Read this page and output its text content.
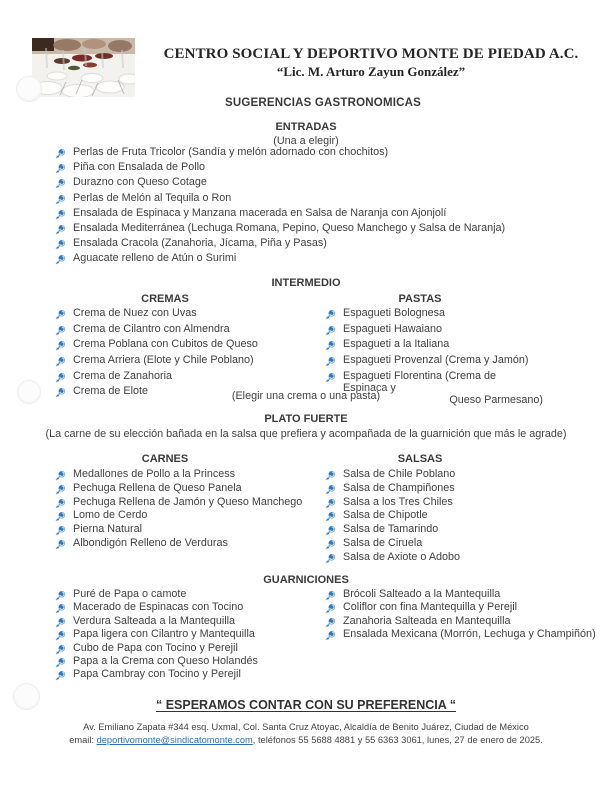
CENTRO SOCIAL Y DEPORTIVO MONTE DE PIEDAD A.C.
“Lic. M. Arturo Zayun González”
SUGERENCIAS GASTRONOMICAS
ENTRADAS
(Una a elegir)
Perlas de Fruta Tricolor (Sandía y melón adornado con chochitos)
Piña con Ensalada de Pollo
Durazno con Queso Cotage
Perlas de Melón al Tequila o Ron
Ensalada de Espinaca y Manzana macerada en Salsa de Naranja con Ajonjolí
Ensalada Mediterránea (Lechuga Romana, Pepino, Queso Manchego y Salsa de Naranja)
Ensalada Cracola (Zanahoria, Jícama, Piña y Pasas)
Aguacate relleno de Atún o Surimi
INTERMEDIO
CREMAS	PASTAS
Crema de Nuez con Uvas
Crema de Cilantro con Almendra
Crema Poblana con Cubitos de Queso
Crema Arriera (Elote y Chile Poblano)
Crema de Zanahoria
Crema de Elote
Espagueti Bolognesa
Espagueti Hawaiano
Espagueti a la Italiana
Espagueti Provenzal (Crema y Jamón)
Espagueti Florentina (Crema de Espinaca y
Queso Parmesano)
(Elegir una crema o una pasta)
PLATO FUERTE
(La carne de su elección bañada en la salsa que prefiera y acompañada de la guarnición que más le agrade)
CARNES	SALSAS
Medallones de Pollo a la Princess
Pechuga Rellena de Queso Panela
Pechuga Rellena de Jamón y Queso Manchego
Lomo de Cerdo
Pierna Natural
Albondigón Relleno de Verduras
Salsa de Chile Poblano
Salsa de Champiñones
Salsa a los Tres Chiles
Salsa de Chipotle
Salsa de Tamarindo
Salsa de Ciruela
Salsa de Axiote o Adobo
GUARNICIONES
Puré de Papa o camote
Macerado de Espinacas con Tocino
Verdura Salteada a la Mantequilla
Papa ligera con Cilantro y Mantequilla
Cubo de Papa con Tocino y Perejil
Papa a la Crema con Queso Holandés
Papa Cambray con Tocino y Perejil
Brócoli Salteado a la Mantequilla
Coliflor con fina Mantequilla y Perejil
Zanahoria Salteada en Mantequilla
Ensalada Mexicana (Morrón, Lechuga y Champiñón)
“ ESPERAMOS CONTAR CON SU PREFERENCIA “
Av. Emiliano Zapata #344 esq. Uxmal, Col. Santa Cruz Atoyac, Alcaldía de Benito Juárez, Ciudad de México
email: deportivomonte@sindicatomonte.com, teléfonos 55 5688 4881 y 55 6363 3061, lunes, 27 de enero de 2025.
